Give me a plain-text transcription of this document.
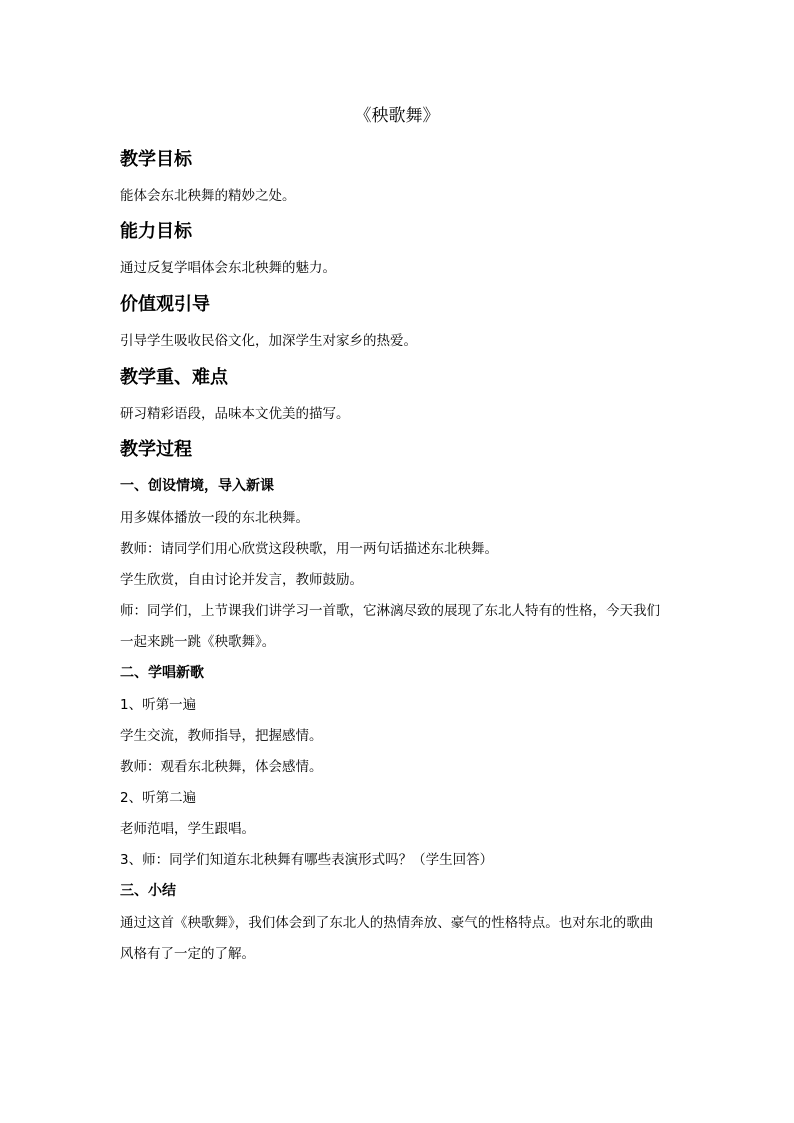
《秧歌舞》
教学目标
能体会东北秧舞的精妙之处。
能力目标
通过反复学唱体会东北秧舞的魅力。
价值观引导
引导学生吸收民俗文化，加深学生对家乡的热爱。
教学重、难点
研习精彩语段，品味本文优美的描写。
教学过程
一、创设情境，导入新课
用多媒体播放一段的东北秧舞。
教师：请同学们用心欣赏这段秧歌，用一两句话描述东北秧舞。
学生欣赏，自由讨论并发言，教师鼓励。
师：同学们，上节课我们讲学习一首歌，它淋漓尽致的展现了东北人特有的性格，今天我们
一起来跳一跳《秧歌舞》。
二、学唱新歌
1、听第一遍
学生交流，教师指导，把握感情。
教师：观看东北秧舞，体会感情。
2、听第二遍
老师范唱，学生跟唱。
3、师：同学们知道东北秧舞有哪些表演形式吗？（学生回答）
三、小结
通过这首《秧歌舞》，我们体会到了东北人的热情奔放、豪气的性格特点。也对东北的歌曲
风格有了一定的了解。
